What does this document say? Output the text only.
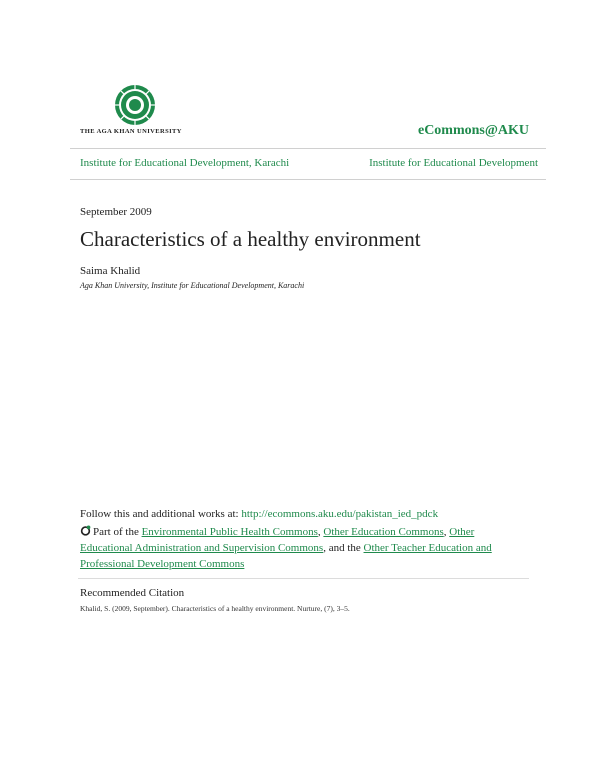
THE AGA KHAN UNIVERSITY	eCommons@AKU
Institute for Educational Development, Karachi	Institute for Educational Development
September 2009
Characteristics of a healthy environment
Saima Khalid
Aga Khan University, Institute for Educational Development, Karachi
Follow this and additional works at: http://ecommons.aku.edu/pakistan_ied_pdck
Part of the Environmental Public Health Commons, Other Education Commons, Other Educational Administration and Supervision Commons, and the Other Teacher Education and Professional Development Commons
Recommended Citation
Khalid, S. (2009, September). Characteristics of a healthy environment. Nurture, (7), 3–5.
